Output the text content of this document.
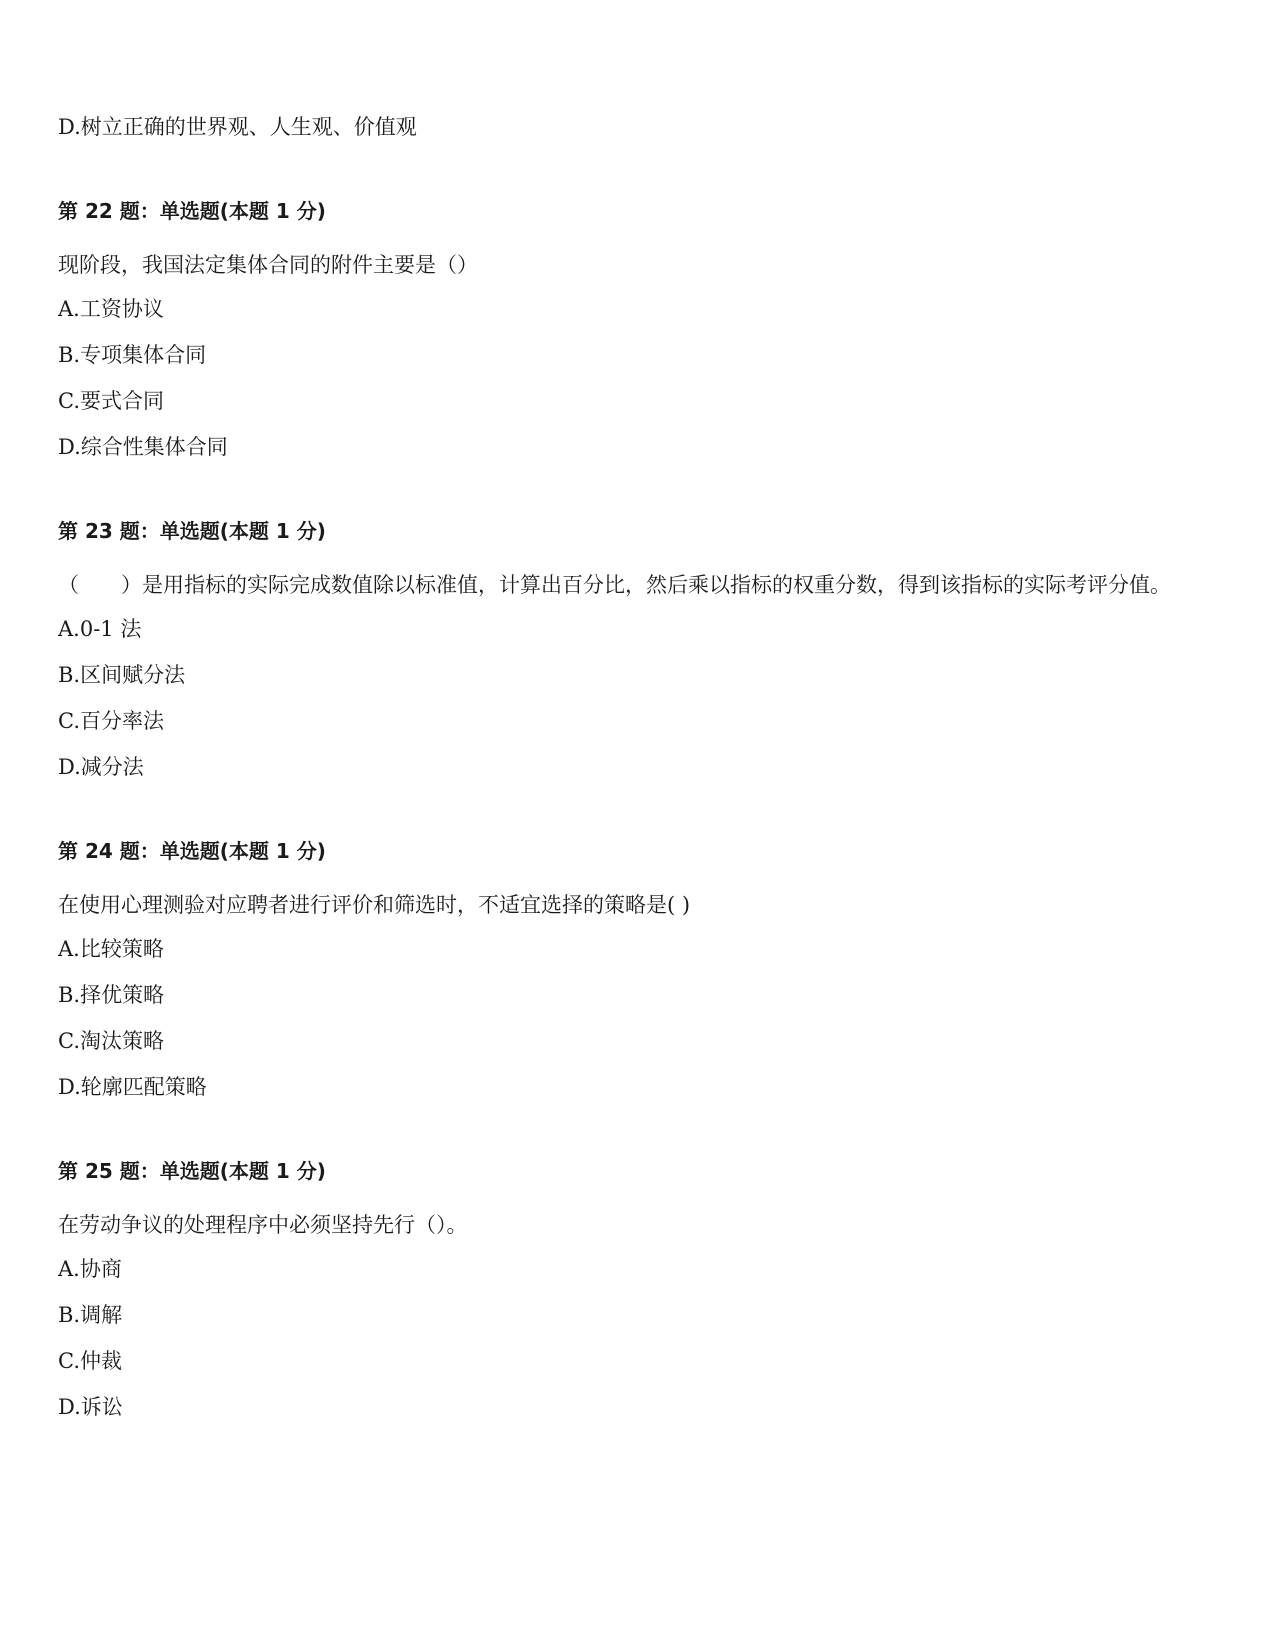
D.树立正确的世界观、人生观、价值观

第 22 题：单选题(本题 1 分)

现阶段，我国法定集体合同的附件主要是（）

A.工资协议

B.专项集体合同

C.要式合同

D.综合性集体合同

第 23 题：单选题(本题 1 分)

（　　）是用指标的实际完成数值除以标准值，计算出百分比，然后乘以指标的权重分数，得到该指标的实际考评分值。

A.0-1 法

B.区间赋分法

C.百分率法

D.减分法

第 24 题：单选题(本题 1 分)

在使用心理测验对应聘者进行评价和筛选时，不适宜选择的策略是( )

A.比较策略

B.择优策略

C.淘汰策略

D.轮廓匹配策略

第 25 题：单选题(本题 1 分)

在劳动争议的处理程序中必须坚持先行（）。

A.协商

B.调解

C.仲裁

D.诉讼
